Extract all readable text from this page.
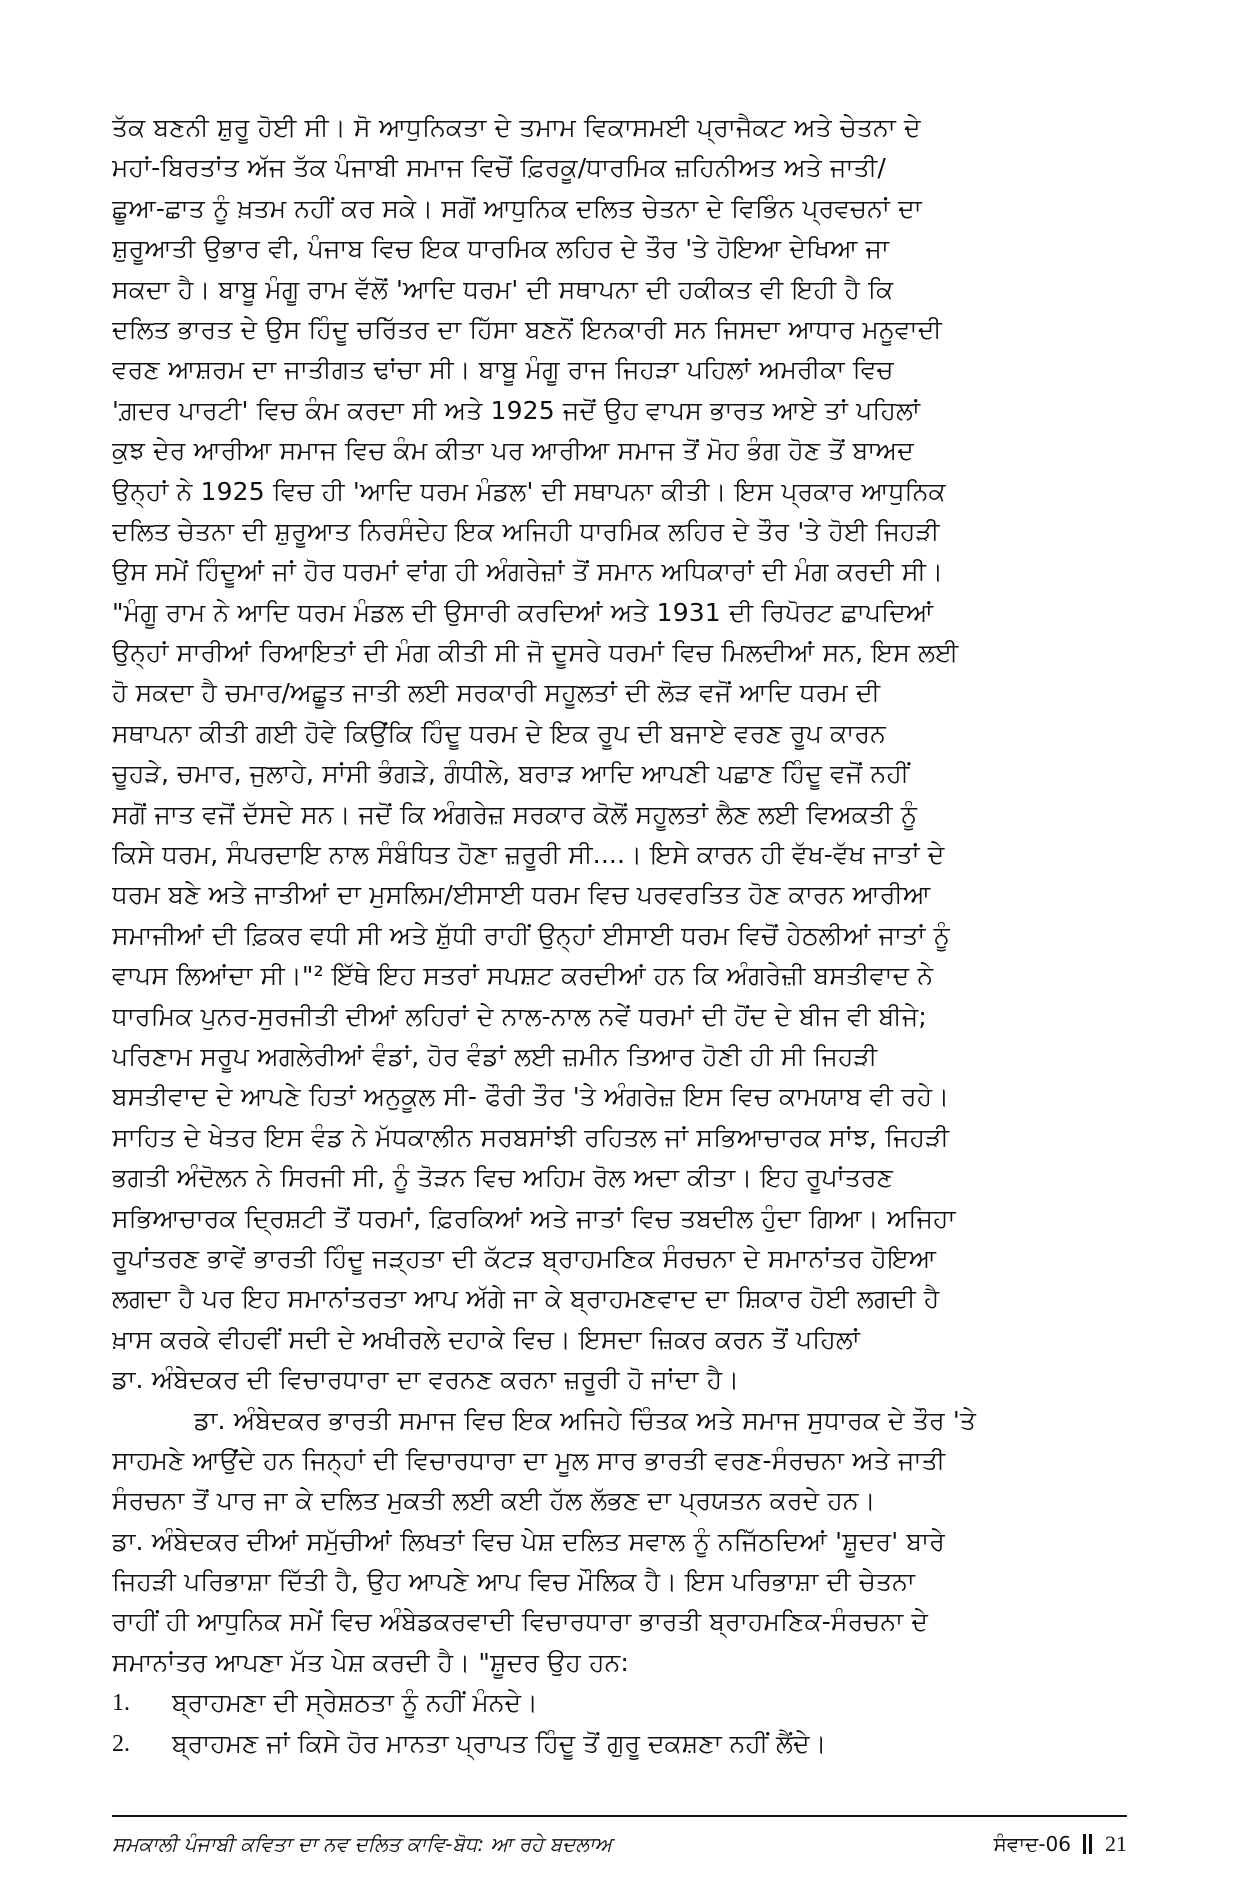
ਤੱਕ ਬਣਨੀ ਸ਼ੁਰੂ ਹੋਈ ਸੀ। ਸੋ ਆਧੁਨਿਕਤਾ ਦੇ ਤਮਾਮ ਵਿਕਾਸਮਈ ਪ੍ਰਾਜੈਕਟ ਅਤੇ ਚੇਤਨਾ ਦੇ
ਮਹਾਂ-ਬਿਰਤਾਂਤ ਅੱਜ ਤੱਕ ਪੰਜਾਬੀ ਸਮਾਜ ਵਿਚੋਂ ਫ਼ਿਰਕੂ/ਧਾਰਮਿਕ ਜ਼ਹਿਨੀਅਤ ਅਤੇ ਜਾਤੀ/
ਛੂਆ-ਛਾਤ ਨੂੰ ਖ਼ਤਮ ਨਹੀਂ ਕਰ ਸਕੇ। ਸਗੋਂ ਆਧੁਨਿਕ ਦਲਿਤ ਚੇਤਨਾ ਦੇ ਵਿਭਿੰਨ ਪ੍ਰਵਚਨਾਂ ਦਾ
ਸ਼ੁਰੂਆਤੀ ਉਭਾਰ ਵੀ, ਪੰਜਾਬ ਵਿਚ ਇਕ ਧਾਰਮਿਕ ਲਹਿਰ ਦੇ ਤੌਰ 'ਤੇ ਹੋਇਆ ਦੇਖਿਆ ਜਾ
ਸਕਦਾ ਹੈ। ਬਾਬੂ ਮੰਗੂ ਰਾਮ ਵੱਲੋਂ 'ਆਦਿ ਧਰਮ' ਦੀ ਸਥਾਪਨਾ ਦੀ ਹਕੀਕਤ ਵੀ ਇਹੀ ਹੈ ਕਿ
ਦਲਿਤ ਭਾਰਤ ਦੇ ਉਸ ਹਿੰਦੂ ਚਰਿੱਤਰ ਦਾ ਹਿੱਸਾ ਬਣਨੋਂ ਇਨਕਾਰੀ ਸਨ ਜਿਸਦਾ ਆਧਾਰ ਮਨੂਵਾਦੀ
ਵਰਣ ਆਸ਼ਰਮ ਦਾ ਜਾਤੀਗਤ ਢਾਂਚਾ ਸੀ। ਬਾਬੂ ਮੰਗੂ ਰਾਜ ਜਿਹੜਾ ਪਹਿਲਾਂ ਅਮਰੀਕਾ ਵਿਚ
'ਗ਼ਦਰ ਪਾਰਟੀ' ਵਿਚ ਕੰਮ ਕਰਦਾ ਸੀ ਅਤੇ 1925 ਜਦੋਂ ਉਹ ਵਾਪਸ ਭਾਰਤ ਆਏ ਤਾਂ ਪਹਿਲਾਂ
ਕੁਝ ਦੇਰ ਆਰੀਆ ਸਮਾਜ ਵਿਚ ਕੰਮ ਕੀਤਾ ਪਰ ਆਰੀਆ ਸਮਾਜ ਤੋਂ ਮੋਹ ਭੰਗ ਹੋਣ ਤੋਂ ਬਾਅਦ
ਉਨ੍ਹਾਂ ਨੇ 1925 ਵਿਚ ਹੀ 'ਆਦਿ ਧਰਮ ਮੰਡਲ' ਦੀ ਸਥਾਪਨਾ ਕੀਤੀ। ਇਸ ਪ੍ਰਕਾਰ ਆਧੁਨਿਕ
ਦਲਿਤ ਚੇਤਨਾ ਦੀ ਸ਼ੁਰੂਆਤ ਨਿਰਸੰਦੇਹ ਇਕ ਅਜਿਹੀ ਧਾਰਮਿਕ ਲਹਿਰ ਦੇ ਤੌਰ 'ਤੇ ਹੋਈ ਜਿਹੜੀ
ਉਸ ਸਮੇਂ ਹਿੰਦੂਆਂ ਜਾਂ ਹੋਰ ਧਰਮਾਂ ਵਾਂਗ ਹੀ ਅੰਗਰੇਜ਼ਾਂ ਤੋਂ ਸਮਾਨ ਅਧਿਕਾਰਾਂ ਦੀ ਮੰਗ ਕਰਦੀ ਸੀ।
"ਮੰਗੂ ਰਾਮ ਨੇ ਆਦਿ ਧਰਮ ਮੰਡਲ ਦੀ ਉਸਾਰੀ ਕਰਦਿਆਂ ਅਤੇ 1931 ਦੀ ਰਿਪੋਰਟ ਛਾਪਦਿਆਂ
ਉਨ੍ਹਾਂ ਸਾਰੀਆਂ ਰਿਆਇਤਾਂ ਦੀ ਮੰਗ ਕੀਤੀ ਸੀ ਜੋ ਦੂਸਰੇ ਧਰਮਾਂ ਵਿਚ ਮਿਲਦੀਆਂ ਸਨ, ਇਸ ਲਈ
ਹੋ ਸਕਦਾ ਹੈ ਚਮਾਰ/ਅਛੂਤ ਜਾਤੀ ਲਈ ਸਰਕਾਰੀ ਸਹੂਲਤਾਂ ਦੀ ਲੋੜ ਵਜੋਂ ਆਦਿ ਧਰਮ ਦੀ
ਸਥਾਪਨਾ ਕੀਤੀ ਗਈ ਹੋਵੇ ਕਿਉਂਕਿ ਹਿੰਦੂ ਧਰਮ ਦੇ ਇਕ ਰੂਪ ਦੀ ਬਜਾਏ ਵਰਣ ਰੂਪ ਕਾਰਨ
ਚੂਹੜੇ, ਚਮਾਰ, ਜੁਲਾਹੇ, ਸਾਂਸੀ ਭੰਗੜੇ, ਗੰਧੀਲੇ, ਬਰਾੜ ਆਦਿ ਆਪਣੀ ਪਛਾਣ ਹਿੰਦੂ ਵਜੋਂ ਨਹੀਂ
ਸਗੋਂ ਜਾਤ ਵਜੋਂ ਦੱਸਦੇ ਸਨ। ਜਦੋਂ ਕਿ ਅੰਗਰੇਜ਼ ਸਰਕਾਰ ਕੋਲੋਂ ਸਹੂਲਤਾਂ ਲੈਣ ਲਈ ਵਿਅਕਤੀ ਨੂੰ
ਕਿਸੇ ਧਰਮ, ਸੰਪਰਦਾਇ ਨਾਲ ਸੰਬੰਧਿਤ ਹੋਣਾ ਜ਼ਰੂਰੀ ਸੀ....। ਇਸੇ ਕਾਰਨ ਹੀ ਵੱਖ-ਵੱਖ ਜਾਤਾਂ ਦੇ
ਧਰਮ ਬਣੇ ਅਤੇ ਜਾਤੀਆਂ ਦਾ ਮੁਸਲਿਮ/ਈਸਾਈ ਧਰਮ ਵਿਚ ਪਰਵਰਤਿਤ ਹੋਣ ਕਾਰਨ ਆਰੀਆ
ਸਮਾਜੀਆਂ ਦੀ ਫ਼ਿਕਰ ਵਧੀ ਸੀ ਅਤੇ ਸ਼ੁੱਧੀ ਰਾਹੀਂ ਉਨ੍ਹਾਂ ਈਸਾਈ ਧਰਮ ਵਿਚੋਂ ਹੇਠਲੀਆਂ ਜਾਤਾਂ ਨੂੰ
ਵਾਪਸ ਲਿਆਂਦਾ ਸੀ।"² ਇੱਥੇ ਇਹ ਸਤਰਾਂ ਸਪਸ਼ਟ ਕਰਦੀਆਂ ਹਨ ਕਿ ਅੰਗਰੇਜ਼ੀ ਬਸਤੀਵਾਦ ਨੇ
ਧਾਰਮਿਕ ਪੁਨਰ-ਸੁਰਜੀਤੀ ਦੀਆਂ ਲਹਿਰਾਂ ਦੇ ਨਾਲ-ਨਾਲ ਨਵੇਂ ਧਰਮਾਂ ਦੀ ਹੋਂਦ ਦੇ ਬੀਜ ਵੀ ਬੀਜੇ;
ਪਰਿਣਾਮ ਸਰੂਪ ਅਗਲੇਰੀਆਂ ਵੰਡਾਂ, ਹੋਰ ਵੰਡਾਂ ਲਈ ਜ਼ਮੀਨ ਤਿਆਰ ਹੋਣੀ ਹੀ ਸੀ ਜਿਹੜੀ
ਬਸਤੀਵਾਦ ਦੇ ਆਪਣੇ ਹਿਤਾਂ ਅਨੁਕੂਲ ਸੀ- ਫੌਰੀ ਤੌਰ 'ਤੇ ਅੰਗਰੇਜ਼ ਇਸ ਵਿਚ ਕਾਮਯਾਬ ਵੀ ਰਹੇ।
ਸਾਹਿਤ ਦੇ ਖੇਤਰ ਇਸ ਵੰਡ ਨੇ ਮੱਧਕਾਲੀਨ ਸਰਬਸਾਂਝੀ ਰਹਿਤਲ ਜਾਂ ਸਭਿਆਚਾਰਕ ਸਾਂਝ, ਜਿਹੜੀ
ਭਗਤੀ ਅੰਦੋਲਨ ਨੇ ਸਿਰਜੀ ਸੀ, ਨੂੰ ਤੋੜਨ ਵਿਚ ਅਹਿਮ ਰੋਲ ਅਦਾ ਕੀਤਾ। ਇਹ ਰੂਪਾਂਤਰਣ
ਸਭਿਆਚਾਰਕ ਦ੍ਰਿਸ਼ਟੀ ਤੋਂ ਧਰਮਾਂ, ਫ਼ਿਰਕਿਆਂ ਅਤੇ ਜਾਤਾਂ ਵਿਚ ਤਬਦੀਲ ਹੁੰਦਾ ਗਿਆ। ਅਜਿਹਾ
ਰੂਪਾਂਤਰਣ ਭਾਵੇਂ ਭਾਰਤੀ ਹਿੰਦੂ ਜੜ੍ਹਤਾ ਦੀ ਕੱਟੜ ਬ੍ਰਾਹਮਣਿਕ ਸੰਰਚਨਾ ਦੇ ਸਮਾਨਾਂਤਰ ਹੋਇਆ
ਲਗਦਾ ਹੈ ਪਰ ਇਹ ਸਮਾਨਾਂਤਰਤਾ ਆਪ ਅੱਗੇ ਜਾ ਕੇ ਬ੍ਰਾਹਮਣਵਾਦ ਦਾ ਸ਼ਿਕਾਰ ਹੋਈ ਲਗਦੀ ਹੈ
ਖ਼ਾਸ ਕਰਕੇ ਵੀਹਵੀਂ ਸਦੀ ਦੇ ਅਖੀਰਲੇ ਦਹਾਕੇ ਵਿਚ। ਇਸਦਾ ਜ਼ਿਕਰ ਕਰਨ ਤੋਂ ਪਹਿਲਾਂ
ਡਾ. ਅੰਬੇਦਕਰ ਦੀ ਵਿਚਾਰਧਾਰਾ ਦਾ ਵਰਨਣ ਕਰਨਾ ਜ਼ਰੂਰੀ ਹੋ ਜਾਂਦਾ ਹੈ।
ਡਾ. ਅੰਬੇਦਕਰ ਭਾਰਤੀ ਸਮਾਜ ਵਿਚ ਇਕ ਅਜਿਹੇ ਚਿੰਤਕ ਅਤੇ ਸਮਾਜ ਸੁਧਾਰਕ ਦੇ ਤੌਰ 'ਤੇ
ਸਾਹਮਣੇ ਆਉਂਦੇ ਹਨ ਜਿਨ੍ਹਾਂ ਦੀ ਵਿਚਾਰਧਾਰਾ ਦਾ ਮੂਲ ਸਾਰ ਭਾਰਤੀ ਵਰਣ-ਸੰਰਚਨਾ ਅਤੇ ਜਾਤੀ
ਸੰਰਚਨਾ ਤੋਂ ਪਾਰ ਜਾ ਕੇ ਦਲਿਤ ਮੁਕਤੀ ਲਈ ਕਈ ਹੱਲ ਲੱਭਣ ਦਾ ਪ੍ਰਯਤਨ ਕਰਦੇ ਹਨ।
ਡਾ. ਅੰਬੇਦਕਰ ਦੀਆਂ ਸਮੁੱਚੀਆਂ ਲਿਖਤਾਂ ਵਿਚ ਪੇਸ਼ ਦਲਿਤ ਸਵਾਲ ਨੂੰ ਨਜਿੱਠਦਿਆਂ 'ਸ਼ੂਦਰ' ਬਾਰੇ
ਜਿਹੜੀ ਪਰਿਭਾਸ਼ਾ ਦਿੱਤੀ ਹੈ, ਉਹ ਆਪਣੇ ਆਪ ਵਿਚ ਮੌਲਿਕ ਹੈ। ਇਸ ਪਰਿਭਾਸ਼ਾ ਦੀ ਚੇਤਨਾ
ਰਾਹੀਂ ਹੀ ਆਧੁਨਿਕ ਸਮੇਂ ਵਿਚ ਅੰਬੇਡਕਰਵਾਦੀ ਵਿਚਾਰਧਾਰਾ ਭਾਰਤੀ ਬ੍ਰਾਹਮਣਿਕ-ਸੰਰਚਨਾ ਦੇ
ਸਮਾਨਾਂਤਰ ਆਪਣਾ ਮੱਤ ਪੇਸ਼ ਕਰਦੀ ਹੈ। "ਸ਼ੂਦਰ ਉਹ ਹਨ:
1.	ਬ੍ਰਾਹਮਣਾ ਦੀ ਸ੍ਰੇਸ਼ਠਤਾ ਨੂੰ ਨਹੀਂ ਮੰਨਦੇ।
2.	ਬ੍ਰਾਹਮਣ ਜਾਂ ਕਿਸੇ ਹੋਰ ਮਾਨਤਾ ਪ੍ਰਾਪਤ ਹਿੰਦੂ ਤੋਂ ਗੁਰੂ ਦਕਸ਼ਣਾ ਨਹੀਂ ਲੈਂਦੇ।
ਸਮਕਾਲੀ ਪੰਜਾਬੀ ਕਵਿਤਾ ਦਾ ਨਵ ਦਲਿਤ ਕਾਵਿ-ਬੋਧ: ਆ ਰਹੇ ਬਦਲਾਅ	ਸੰਵਾਦ-06 21
